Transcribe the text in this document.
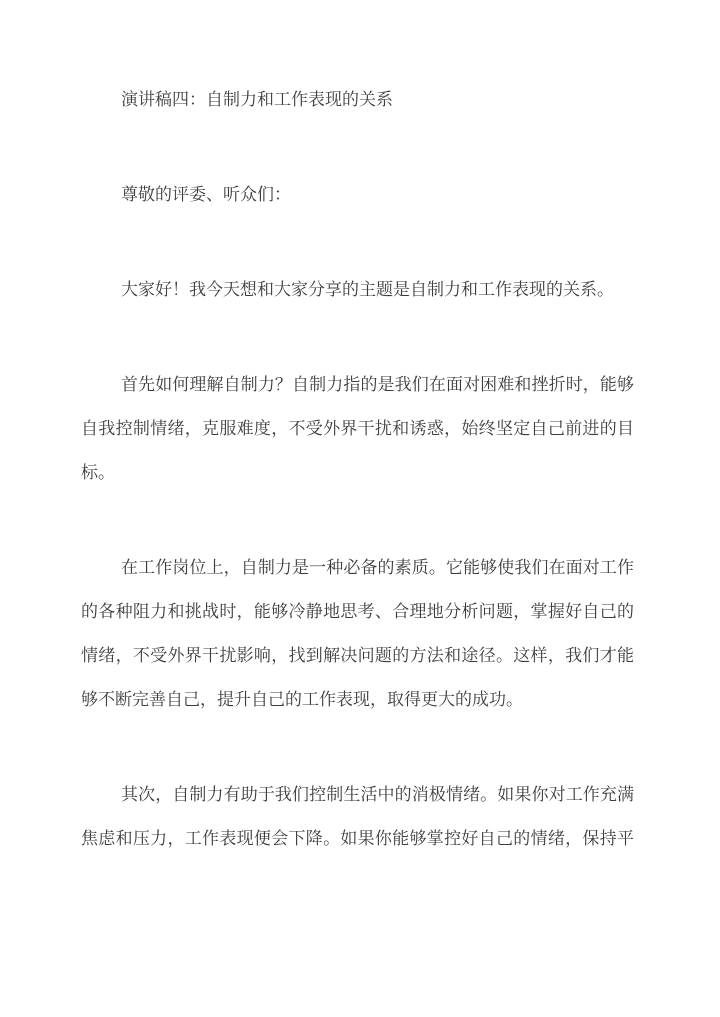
演讲稿四：自制力和工作表现的关系
尊敬的评委、听众们：
大家好！我今天想和大家分享的主题是自制力和工作表现的关系。
首先如何理解自制力？自制力指的是我们在面对困难和挫折时，能够
自我控制情绪，克服难度，不受外界干扰和诱惑，始终坚定自己前进的目
标。
在工作岗位上，自制力是一种必备的素质。它能够使我们在面对工作
的各种阻力和挑战时，能够冷静地思考、合理地分析问题，掌握好自己的
情绪，不受外界干扰影响，找到解决问题的方法和途径。这样，我们才能
够不断完善自己，提升自己的工作表现，取得更大的成功。
其次，自制力有助于我们控制生活中的消极情绪。如果你对工作充满
焦虑和压力，工作表现便会下降。如果你能够掌控好自己的情绪，保持平
